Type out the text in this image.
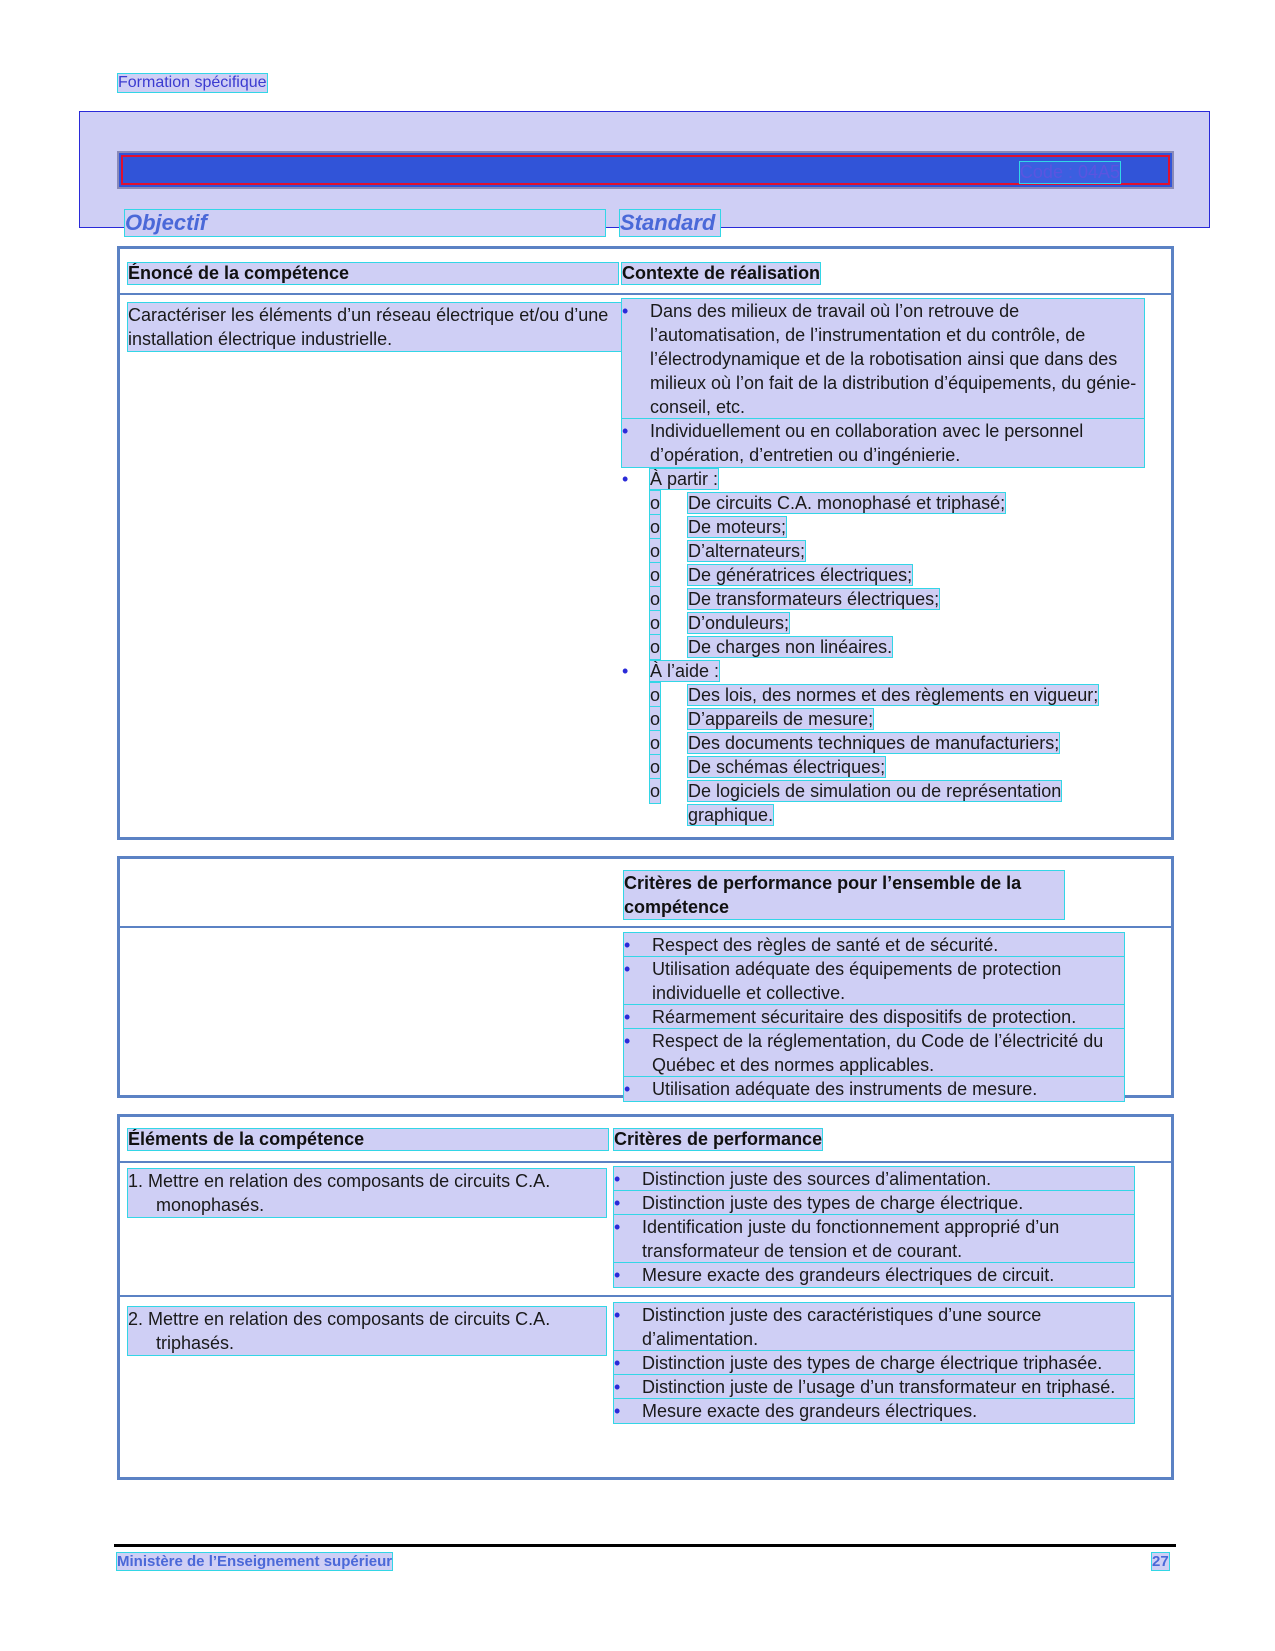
Formation spécifique
Code : 04A5
Objectif	Standard
Énoncé de la compétence	Contexte de réalisation
Caractériser les éléments d’un réseau électrique et/ou d’une installation électrique industrielle.
• Dans des milieux de travail où l’on retrouve de l’automatisation, de l’instrumentation et du contrôle, de l’électrodynamique et de la robotisation ainsi que dans des milieux où l’on fait de la distribution d’équipements, du génie-conseil, etc.
• Individuellement ou en collaboration avec le personnel d’opération, d’entretien ou d’ingénierie.
• À partir :
o De circuits C.A. monophasé et triphasé;
o De moteurs;
o D’alternateurs;
o De génératrices électriques;
o De transformateurs électriques;
o D’onduleurs;
o De charges non linéaires.
• À l’aide :
o Des lois, des normes et des règlements en vigueur;
o D’appareils de mesure;
o Des documents techniques de manufacturiers;
o De schémas électriques;
o De logiciels de simulation ou de représentation graphique.
Critères de performance pour l’ensemble de la compétence
• Respect des règles de santé et de sécurité.
• Utilisation adéquate des équipements de protection individuelle et collective.
• Réarmement sécuritaire des dispositifs de protection.
• Respect de la réglementation, du Code de l’électricité du Québec et des normes applicables.
• Utilisation adéquate des instruments de mesure.
Éléments de la compétence	Critères de performance
1. Mettre en relation des composants de circuits C.A. monophasés.
• Distinction juste des sources d’alimentation.
• Distinction juste des types de charge électrique.
• Identification juste du fonctionnement approprié d’un transformateur de tension et de courant.
• Mesure exacte des grandeurs électriques de circuit.
2. Mettre en relation des composants de circuits C.A. triphasés.
• Distinction juste des caractéristiques d’une source d’alimentation.
• Distinction juste des types de charge électrique triphasée.
• Distinction juste de l’usage d’un transformateur en triphasé.
• Mesure exacte des grandeurs électriques.
Ministère de l’Enseignement supérieur	27
